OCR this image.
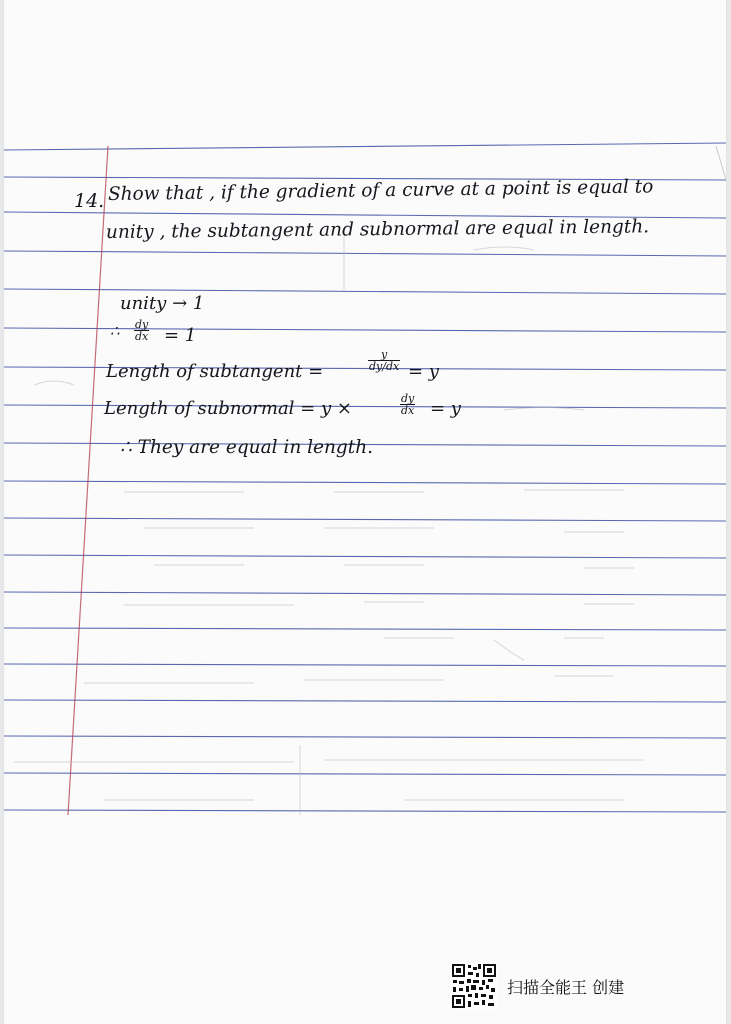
14. Show that , if the gradient of a curve at a point is equal to
unity , the subtangent and subnormal are equal in length.
unity → 1
∴ dy
dx = 1
Length of subtangent =
y
dy/dx = y
Length of subnormal = y ×	dy
dx = y
∴ They are equal in length.
扫描全能王 创建
